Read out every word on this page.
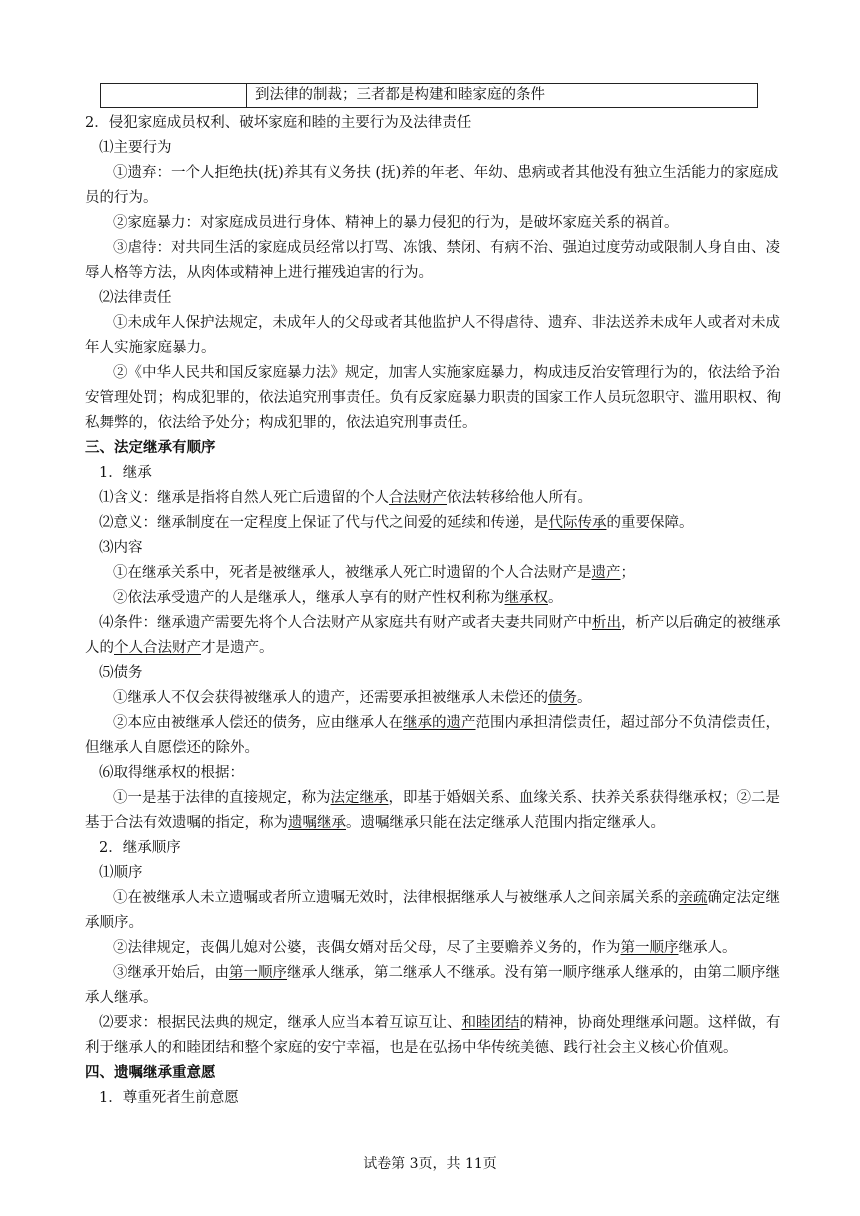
到法律的制裁；三者都是构建和睦家庭的条件

2．侵犯家庭成员权利、破坏家庭和睦的主要行为及法律责任

⑴主要行为

①遗弃：一个人拒绝扶(抚)养其有义务扶 (抚)养的年老、年幼、患病或者其他没有独立生活能力的家庭成员的行为。

②家庭暴力：对家庭成员进行身体、精神上的暴力侵犯的行为，是破坏家庭关系的祸首。

③虐待：对共同生活的家庭成员经常以打骂、冻饿、禁闭、有病不治、强迫过度劳动或限制人身自由、凌辱人格等方法，从肉体或精神上进行摧残迫害的行为。

⑵法律责任

①未成年人保护法规定，未成年人的父母或者其他监护人不得虐待、遗弃、非法送养未成年人或者对未成年人实施家庭暴力。

②《中华人民共和国反家庭暴力法》规定，加害人实施家庭暴力，构成违反治安管理行为的，依法给予治安管理处罚；构成犯罪的，依法追究刑事责任。负有反家庭暴力职责的国家工作人员玩忽职守、滥用职权、徇私舞弊的，依法给予处分；构成犯罪的，依法追究刑事责任。

三、法定继承有顺序

1．继承

⑴含义：继承是指将自然人死亡后遗留的个人合法财产依法转移给他人所有。

⑵意义：继承制度在一定程度上保证了代与代之间爱的延续和传递，是代际传承的重要保障。

⑶内容

①在继承关系中，死者是被继承人，被继承人死亡时遗留的个人合法财产是遗产；

②依法承受遗产的人是继承人，继承人享有的财产性权利称为继承权。

⑷条件：继承遗产需要先将个人合法财产从家庭共有财产或者夫妻共同财产中析出，析产以后确定的被继承人的个人合法财产才是遗产。

⑸债务

①继承人不仅会获得被继承人的遗产，还需要承担被继承人未偿还的债务。

②本应由被继承人偿还的债务，应由继承人在继承的遗产范围内承担清偿责任，超过部分不负清偿责任，但继承人自愿偿还的除外。

⑹取得继承权的根据：

①一是基于法律的直接规定，称为法定继承，即基于婚姻关系、血缘关系、扶养关系获得继承权；②二是基于合法有效遗嘱的指定，称为遗嘱继承。遗嘱继承只能在法定继承人范围内指定继承人。

2．继承顺序

⑴顺序

①在被继承人未立遗嘱或者所立遗嘱无效时，法律根据继承人与被继承人之间亲属关系的亲疏确定法定继承顺序。

②法律规定，丧偶儿媳对公婆，丧偶女婿对岳父母，尽了主要赡养义务的，作为第一顺序继承人。

③继承开始后，由第一顺序继承人继承，第二继承人不继承。没有第一顺序继承人继承的，由第二顺序继承人继承。

⑵要求：根据民法典的规定，继承人应当本着互谅互让、和睦团结的精神，协商处理继承问题。这样做，有利于继承人的和睦团结和整个家庭的安宁幸福，也是在弘扬中华传统美德、践行社会主义核心价值观。

四、遗嘱继承重意愿

1．尊重死者生前意愿

试卷第 3页，共 11页
